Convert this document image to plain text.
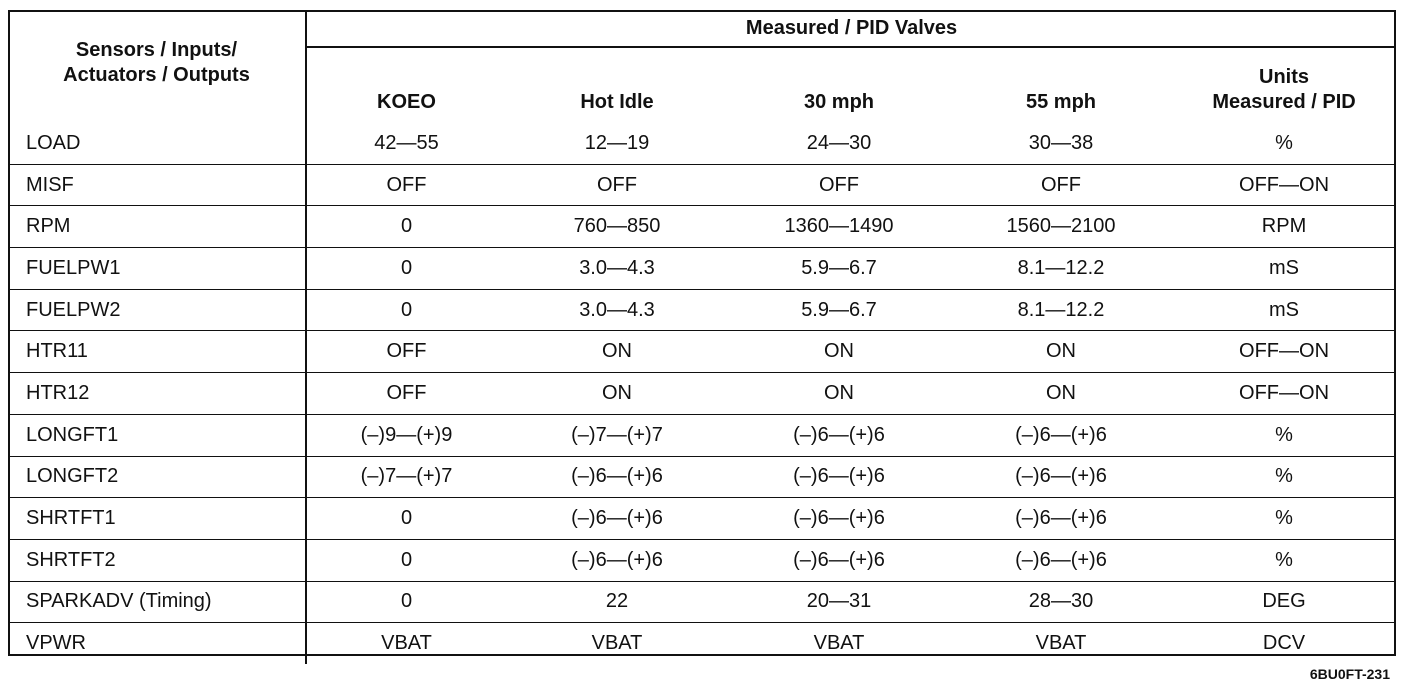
Sensors / Inputs/
Actuators / Outputs	Measured / PID Valves				
	KOEO	Hot Idle	30 mph	55 mph	Units
Measured / PID
LOAD	42—55	12—19	24—30	30—38	%
MISF	OFF	OFF	OFF	OFF	OFF—ON
RPM	0	760—850	1360—1490	1560—2100	RPM
FUELPW1	0	3.0—4.3	5.9—6.7	8.1—12.2	mS
FUELPW2	0	3.0—4.3	5.9—6.7	8.1—12.2	mS
HTR11	OFF	ON	ON	ON	OFF—ON
HTR12	OFF	ON	ON	ON	OFF—ON
LONGFT1	(–)9—(+)9	(–)7—(+)7	(–)6—(+)6	(–)6—(+)6	%
LONGFT2	(–)7—(+)7	(–)6—(+)6	(–)6—(+)6	(–)6—(+)6	%
SHRTFT1	0	(–)6—(+)6	(–)6—(+)6	(–)6—(+)6	%
SHRTFT2	0	(–)6—(+)6	(–)6—(+)6	(–)6—(+)6	%
SPARKADV (Timing)	0	22	20—31	28—30	DEG
VPWR	VBAT	VBAT	VBAT	VBAT	DCV
6BU0FT-231
